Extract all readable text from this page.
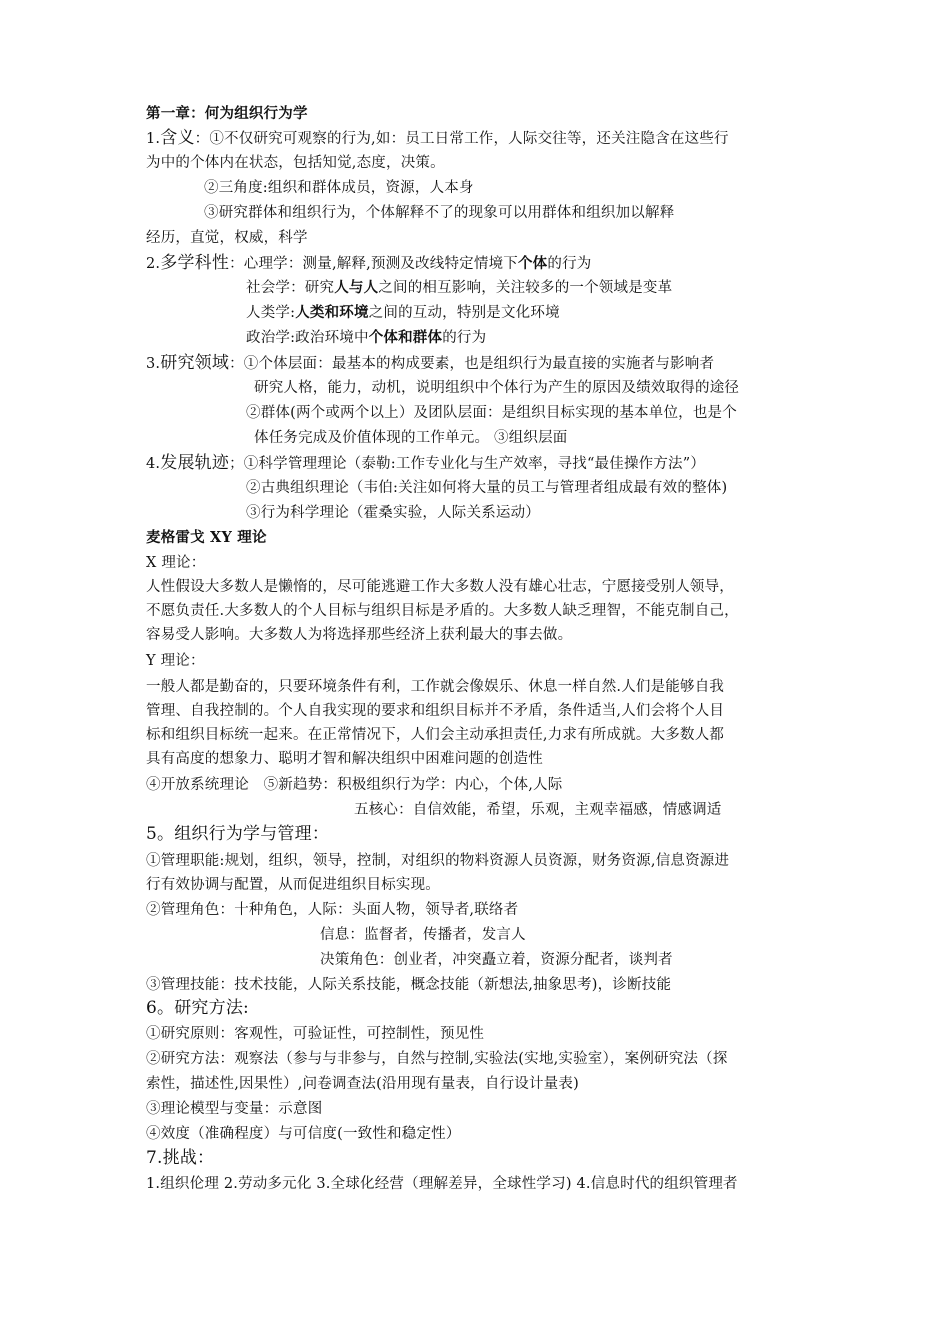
第一章：何为组织行为学
1.含义：①不仅研究可观察的行为,如：员工日常工作，人际交往等，还关注隐含在这些行
为中的个体内在状态，包括知觉,态度，决策。
②三角度:组织和群体成员，资源，人本身
③研究群体和组织行为，个体解释不了的现象可以用群体和组织加以解释
经历，直觉，权威，科学
2.多学科性：心理学：测量,解释,预测及改线特定情境下个体的行为
社会学：研究人与人之间的相互影响，关注较多的一个领域是变革
人类学:人类和环境之间的互动，特别是文化环境
政治学:政治环境中个体和群体的行为
3.研究领域：①个体层面：最基本的构成要素，也是组织行为最直接的实施者与影响者
研究人格，能力，动机，说明组织中个体行为产生的原因及绩效取得的途径
②群体(两个或两个以上）及团队层面：是组织目标实现的基本单位，也是个
体任务完成及价值体现的工作单元。 ③组织层面
4.发展轨迹；①科学管理理论（泰勒:工作专业化与生产效率，寻找“最佳操作方法”）
②古典组织理论（韦伯:关注如何将大量的员工与管理者组成最有效的整体)
③行为科学理论（霍桑实验，人际关系运动）
麦格雷戈 XY 理论
X 理论：
人性假设大多数人是懒惰的，尽可能逃避工作大多数人没有雄心壮志，宁愿接受别人领导，
不愿负责任.大多数人的个人目标与组织目标是矛盾的。大多数人缺乏理智，不能克制自己，
容易受人影响。大多数人为将选择那些经济上获利最大的事去做。
Y 理论：
一般人都是勤奋的，只要环境条件有利，工作就会像娱乐、休息一样自然.人们是能够自我
管理、自我控制的。个人自我实现的要求和组织目标并不矛盾，条件适当,人们会将个人目
标和组织目标统一起来。在正常情况下，人们会主动承担责任,力求有所成就。大多数人都
具有高度的想象力、聪明才智和解决组织中困难问题的创造性
④开放系统理论　⑤新趋势：积极组织行为学：内心，个体,人际
五核心：自信效能，希望，乐观，主观幸福感，情感调适
5。组织行为学与管理：
①管理职能:规划，组织，领导，控制，对组织的物料资源人员资源，财务资源,信息资源进
行有效协调与配置，从而促进组织目标实现。
②管理角色：十种角色，人际：头面人物，领导者,联络者
信息：监督者，传播者，发言人
决策角色：创业者，冲突矗立着，资源分配者，谈判者
③管理技能：技术技能，人际关系技能，概念技能（新想法,抽象思考)，诊断技能
6。研究方法:
①研究原则：客观性，可验证性，可控制性，预见性
②研究方法：观察法（参与与非参与，自然与控制,实验法(实地,实验室），案例研究法（探
索性，描述性,因果性）,问卷调查法(沿用现有量表，自行设计量表)
③理论模型与变量：示意图
④效度（准确程度）与可信度(一致性和稳定性）
7.挑战：
1.组织伦理 2.劳动多元化 3.全球化经营（理解差异，全球性学习) 4.信息时代的组织管理者
